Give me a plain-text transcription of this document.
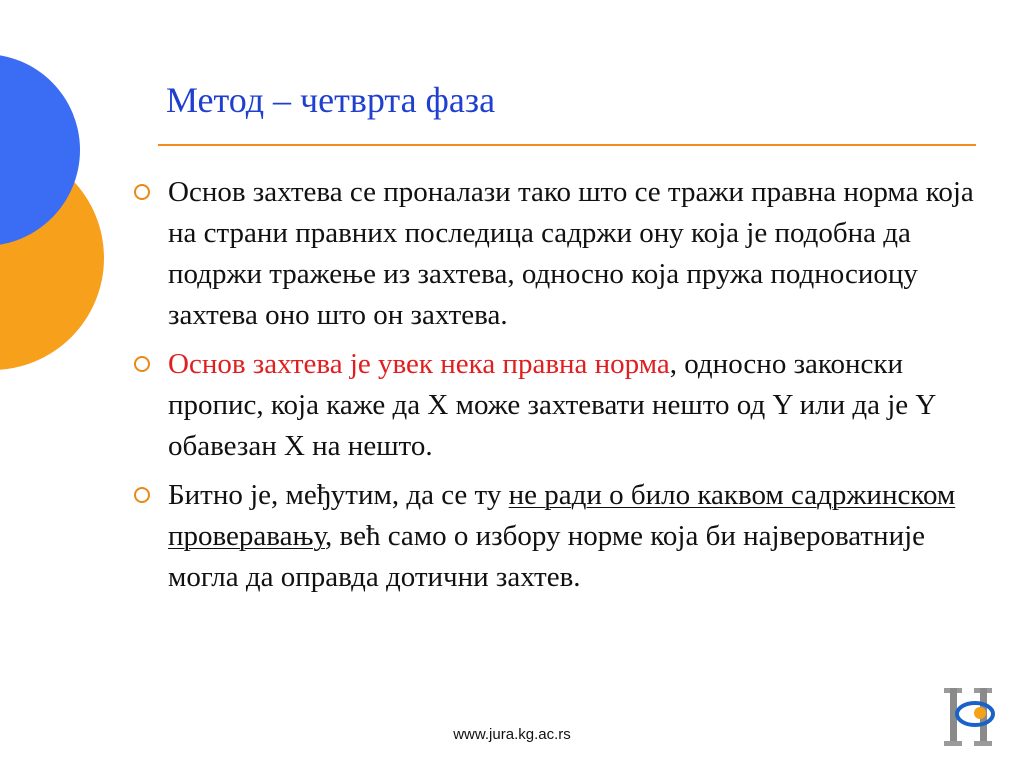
Метод – четврта фаза
Основ захтева се проналази тако што се тражи правна норма која на страни правних последица садржи ону која је подобна да подржи тражење из захтева, односно која пружа подносиоцу захтева оно што он захтева.
Основ захтева је увек нека правна норма, односно законски пропис, која каже да X може захтевати нешто од Y или да је Y обавезан X на нешто.
Битно је, међутим, да се ту не ради о било каквом садржинском проверавању, већ само о избору норме која би највероватније могла да оправда дотични захтев.
www.jura.kg.ac.rs
